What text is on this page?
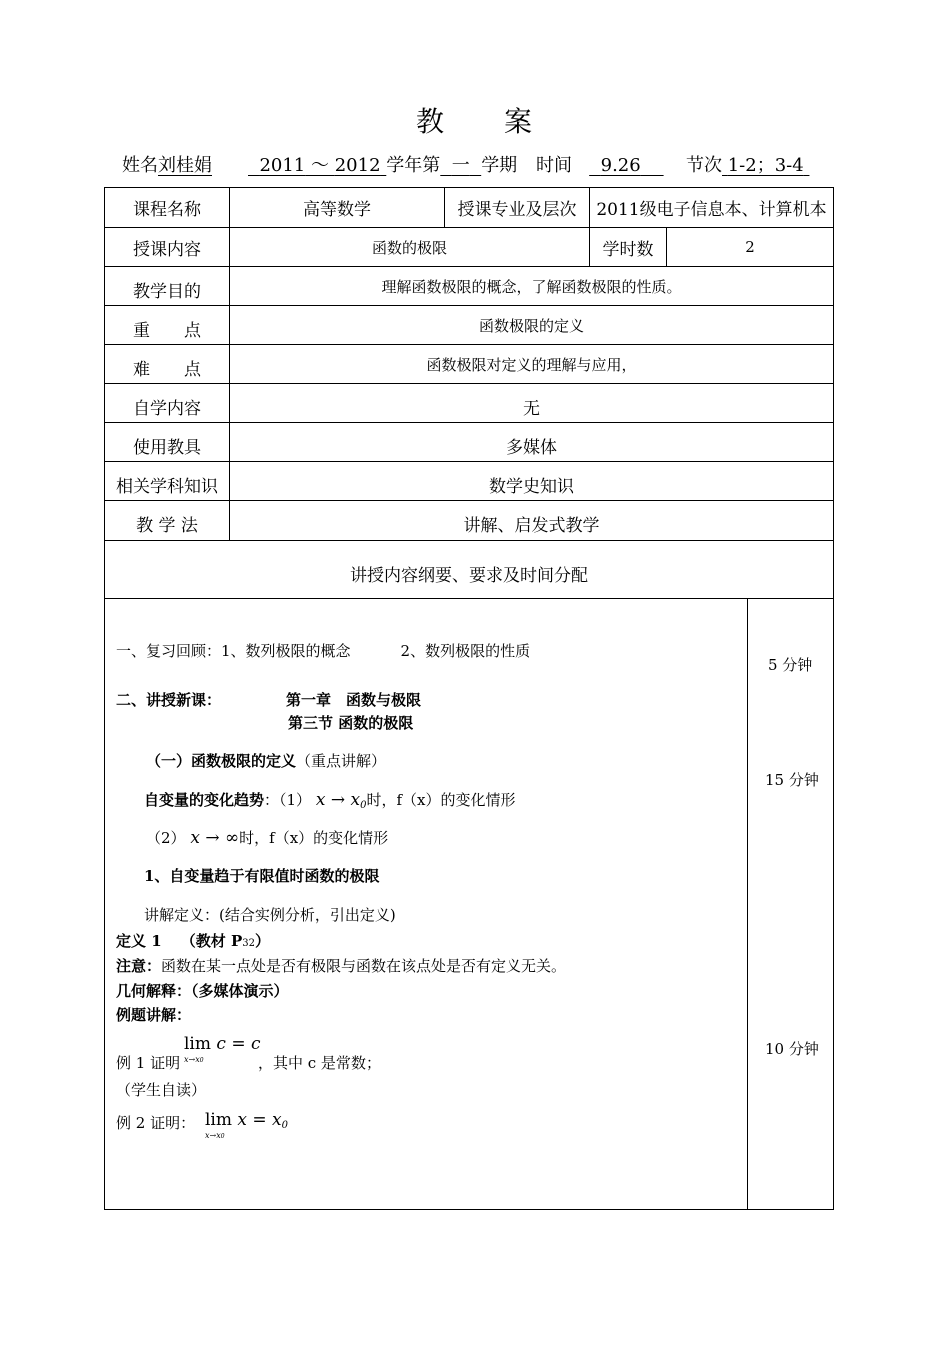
教 案
姓名刘桂娟	2011 ～ 2012 学年第 一 学期 时间 9.26	节次 1-2；3-4
课程名称	高等数学	授课专业及层次	2011级电子信息本、计算机本
授课内容	函数的极限	学时数	2
教学目的	理解函数极限的概念，了解函数极限的性质。
重　　点	函数极限的定义
难　　点	函数极限对定义的理解与应用，
自学内容	无
使用教具	多媒体
相关学科知识	数学史知识
教 学 法	讲解、启发式教学
讲授内容纲要、要求及时间分配
一、复习回顾：1、数列极限的概念	2、数列极限的性质
二、讲授新课：	第一章　函数与极限
第三节 函数的极限
（一）函数极限的定义（重点讲解）
自变量的变化趋势：（1） $x \to x_0$时，f（x）的变化情形
（2） x → ∞时，f（x）的变化情形
1、自变量趋于有限值时函数的极限
讲解定义：(结合实例分析，引出定义)
定义 1 （教材 P32）
注意：函数在某一点处是否有极限与函数在该点处是否有定义无关。
几何解释：（多媒体演示）
例题讲解：
例 1 证明
lim c = c
x→x0	，其中 c 是常数；
（学生自读）
例 2 证明： $\lim x = x_0$
x→x0
5 分钟
15 分钟
10 分钟
